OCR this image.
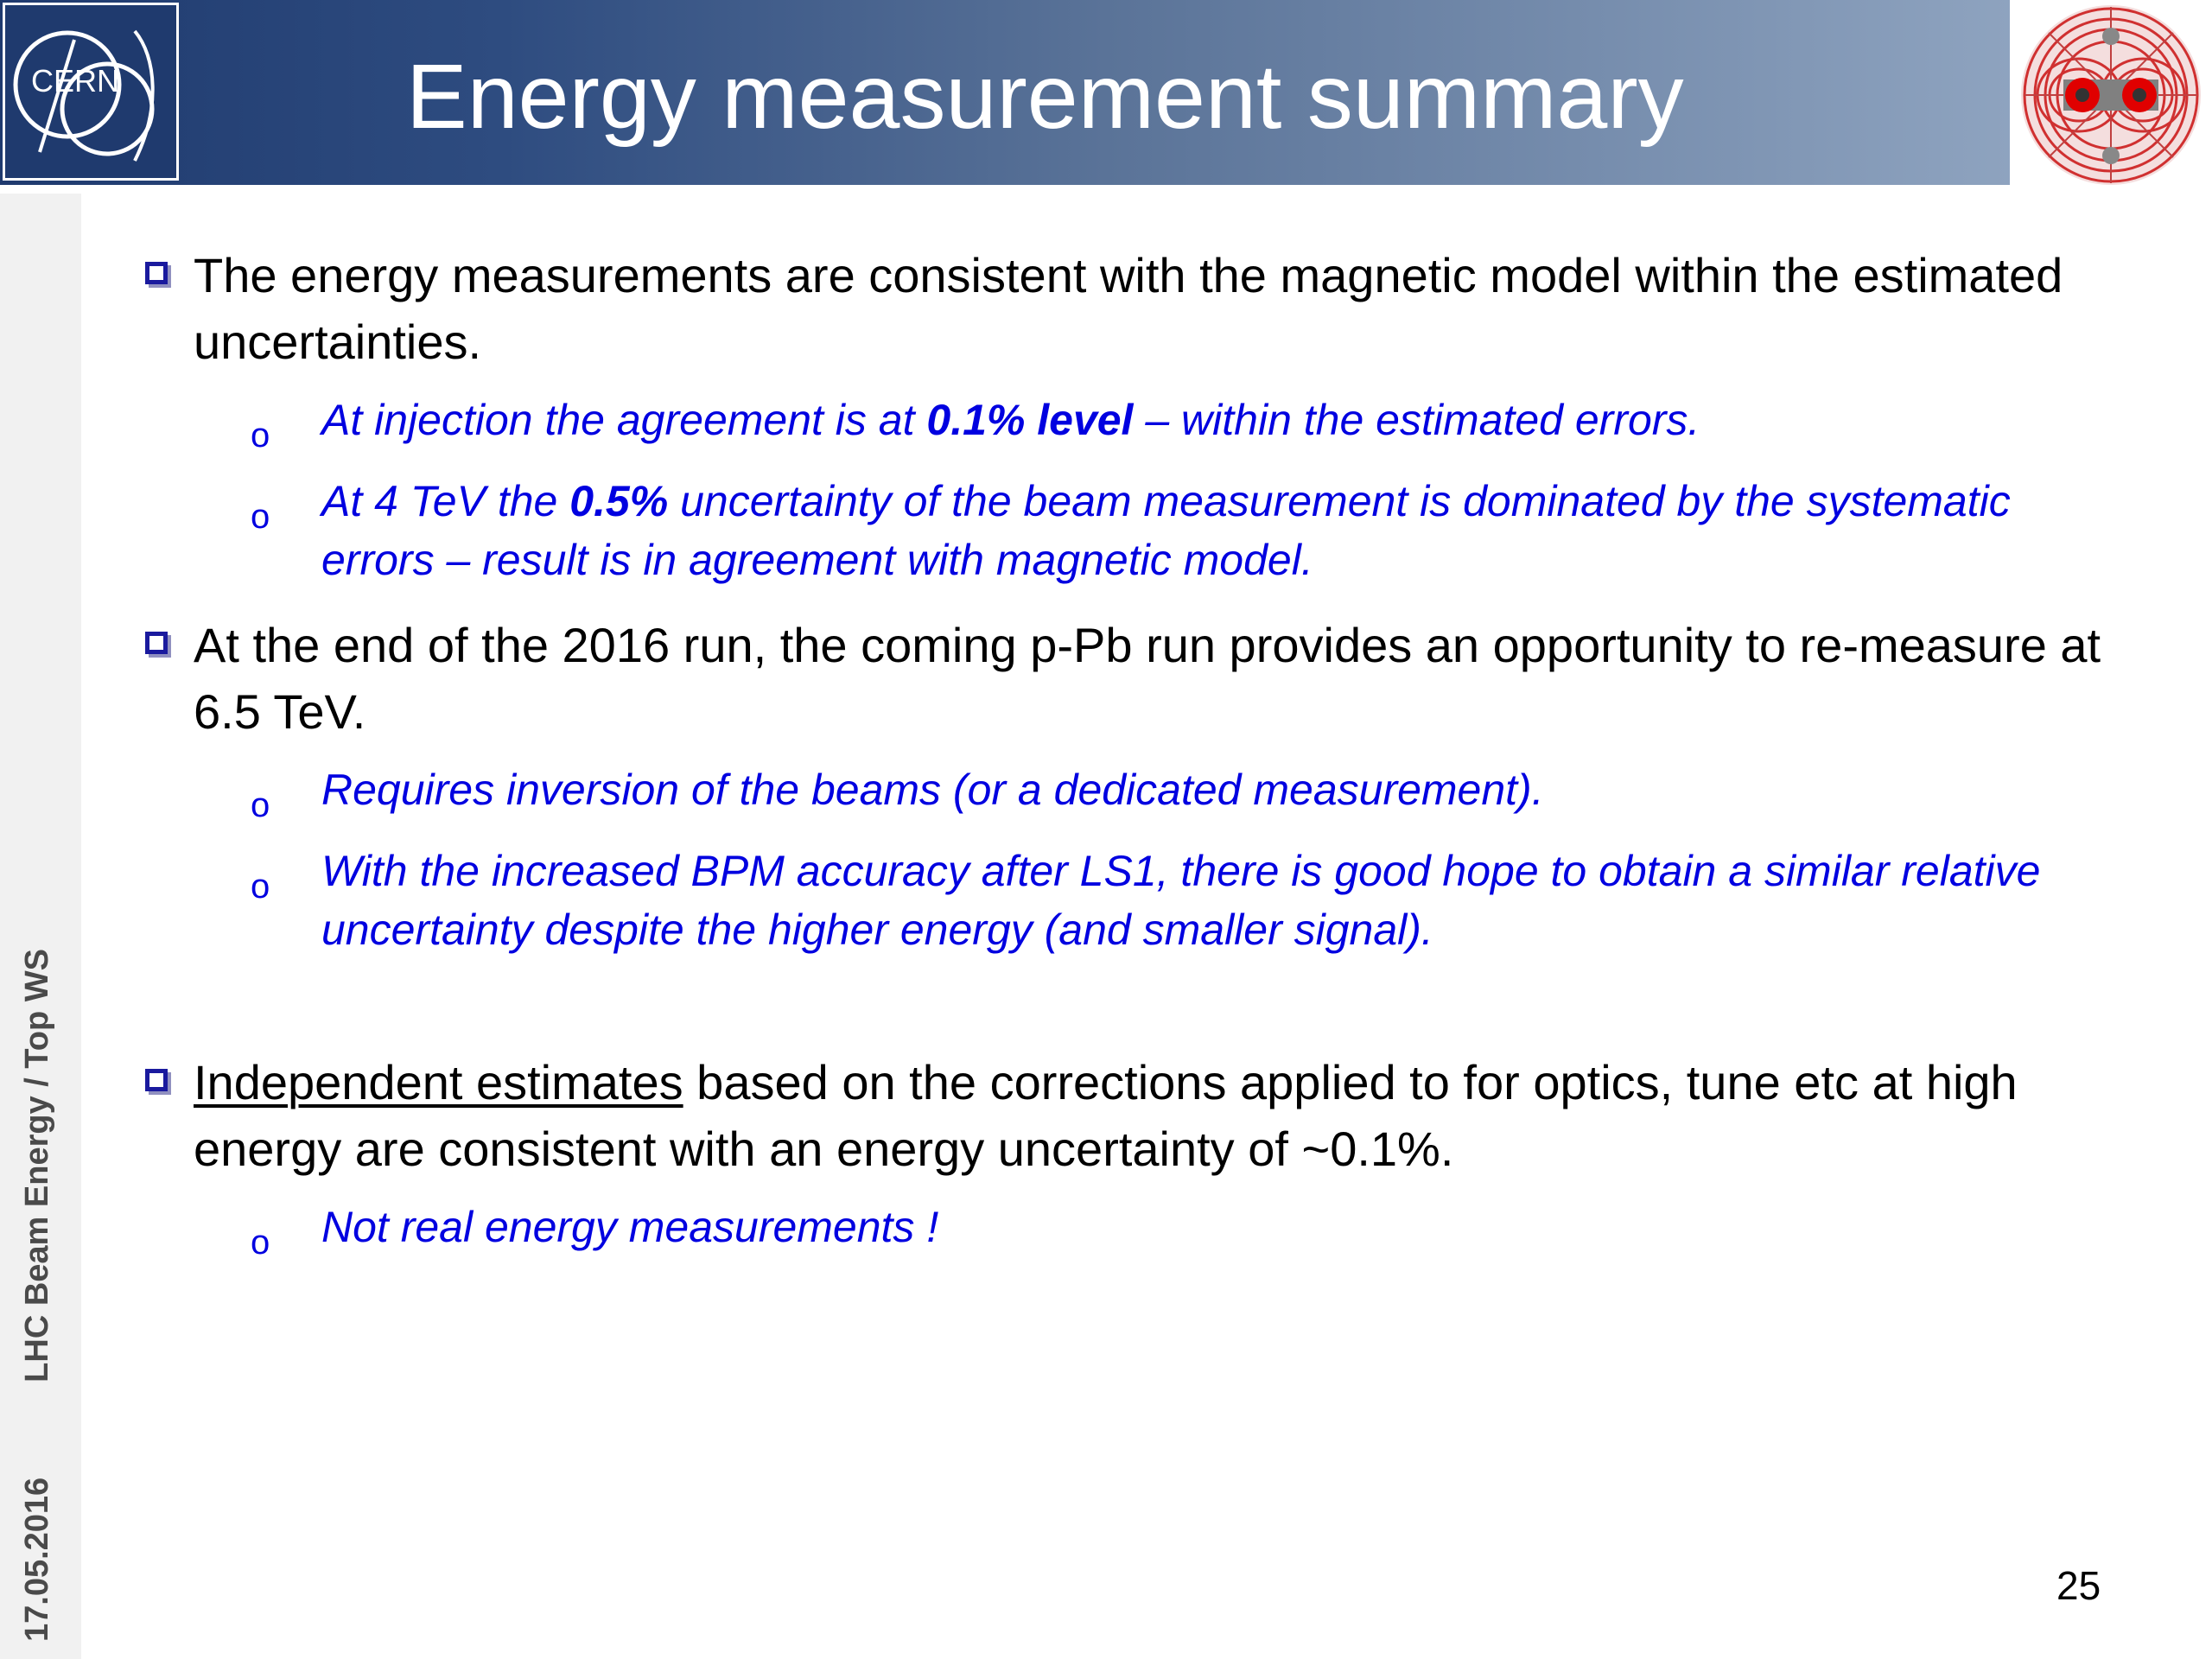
CERN	Energy measurement summary
17.05.2016LHC Beam Energy / Top WS
The energy measurements are consistent with the magnetic model within the estimated uncertainties.
o At injection the agreement is at 0.1% level – within the estimated errors.
o At 4 TeV the 0.5% uncertainty of the beam measurement is dominated by the systematic errors – result is in agreement with magnetic model.
At the end of the 2016 run, the coming p-Pb run provides an opportunity to re-measure at 6.5 TeV.
o Requires inversion of the beams (or a dedicated measurement).
o With the increased BPM accuracy after LS1, there is good hope to obtain a similar relative uncertainty despite the higher energy (and smaller signal).
Independent estimates based on the corrections applied to for optics, tune etc at high energy are consistent with an energy uncertainty of ~0.1%.
o Not real energy measurements !
25
